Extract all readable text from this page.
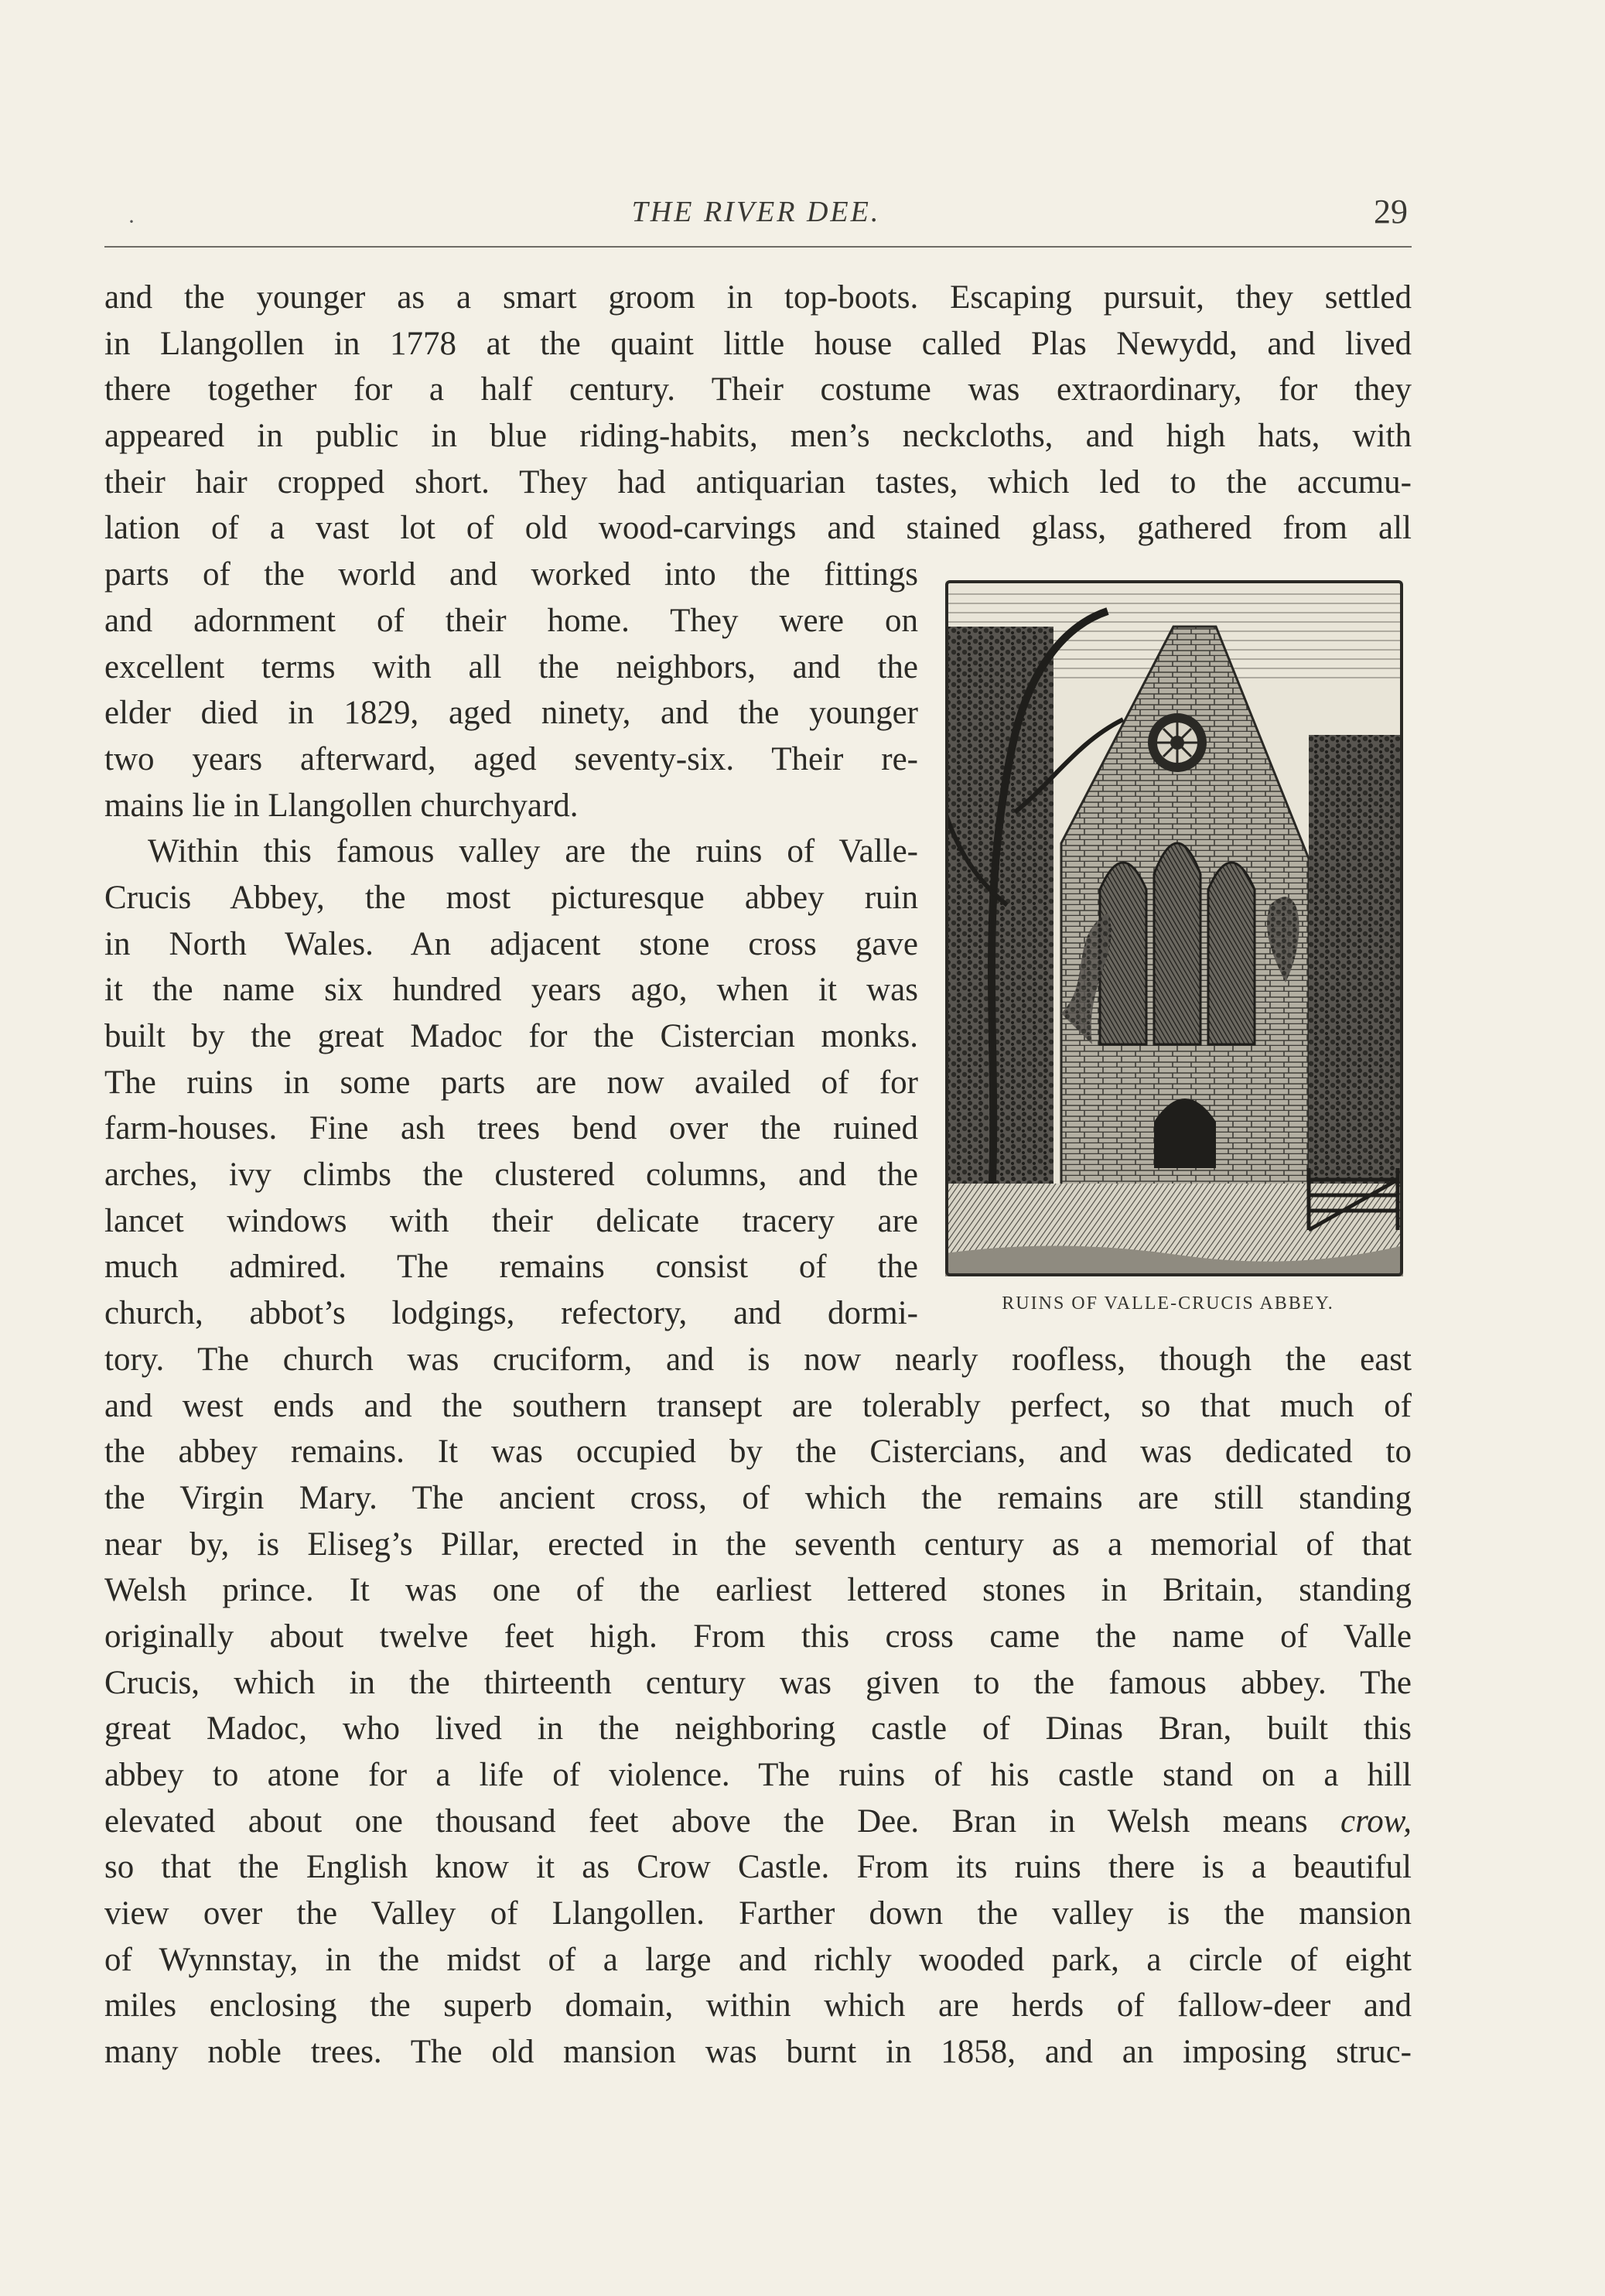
·	THE RIVER DEE.	29
and the younger as a smart groom in top-boots. Escaping pursuit, they settled
in Llangollen in 1778 at the quaint little house called Plas Newydd, and lived
there together for a half century. Their costume was extraordinary, for they
appeared in public in blue riding-habits, men’s neckcloths, and high hats, with
their hair cropped short. They had antiquarian tastes, which led to the accumu-
lation of a vast lot of old wood-carvings and stained glass, gathered from all
parts of the world and worked into the fittings
and adornment of their home. They were on
excellent terms with all the neighbors, and the
elder died in 1829, aged ninety, and the younger
two years afterward, aged seventy-six. Their re-
mains lie in Llangollen churchyard.
Within this famous valley are the ruins of Valle-
Crucis Abbey, the most picturesque abbey ruin
in North Wales. An adjacent stone cross gave
it the name six hundred years ago, when it was
built by the great Madoc for the Cistercian monks.
The ruins in some parts are now availed of for
farm-houses. Fine ash trees bend over the ruined
arches, ivy climbs the clustered columns, and the
lancet windows with their delicate tracery are
much admired. The remains consist of the
church, abbot’s lodgings, refectory, and dormi-
tory. The church was cruciform, and is now nearly roofless, though the east
and west ends and the southern transept are tolerably perfect, so that much of
the abbey remains. It was occupied by the Cistercians, and was dedicated to
the Virgin Mary. The ancient cross, of which the remains are still standing
near by, is Eliseg’s Pillar, erected in the seventh century as a memorial of that
Welsh prince. It was one of the earliest lettered stones in Britain, standing
originally about twelve feet high. From this cross came the name of Valle
Crucis, which in the thirteenth century was given to the famous abbey. The
great Madoc, who lived in the neighboring castle of Dinas Bran, built this
abbey to atone for a life of violence. The ruins of his castle stand on a hill
elevated about one thousand feet above the Dee. Bran in Welsh means crow,
so that the English know it as Crow Castle. From its ruins there is a beautiful
view over the Valley of Llangollen. Farther down the valley is the mansion
of Wynnstay, in the midst of a large and richly wooded park, a circle of eight
miles enclosing the superb domain, within which are herds of fallow-deer and
many noble trees. The old mansion was burnt in 1858, and an imposing struc-
RUINS OF VALLE-CRUCIS ABBEY.
